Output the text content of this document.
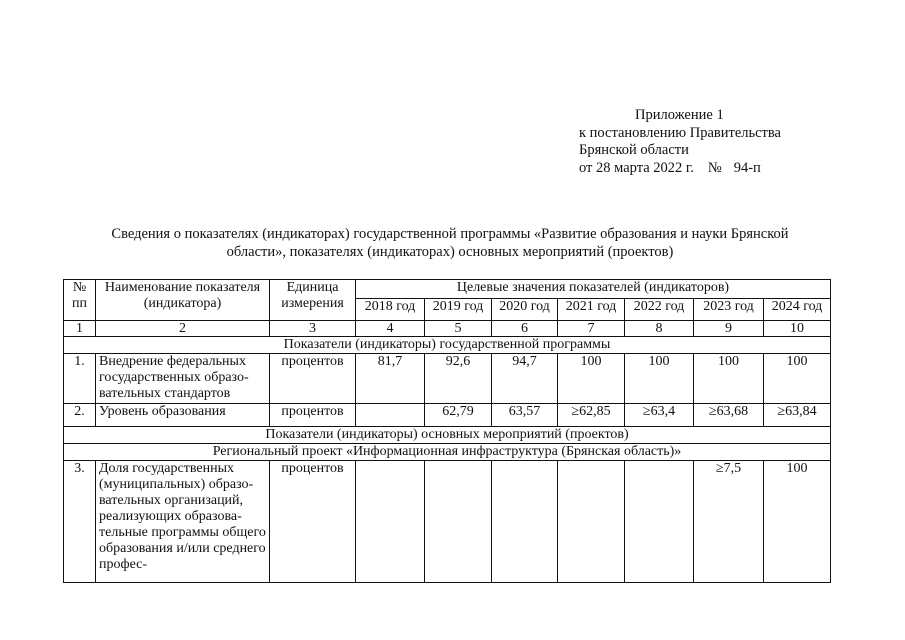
Приложение 1
к постановлению Правительства
Брянской области
от 28 марта 2022 г. № 94-п
Сведения о показателях (индикаторах) государственной программы «Развитие образования и науки Брянской
области», показателях (индикаторах) основных мероприятий (проектов)
№ пп	Наименование показателя (индикатора)	Единица измерения	Целевые значения показателей (индикаторов)						
			2018 год	2019 год	2020 год	2021 год	2022 год	2023 год	2024 год
1	2	3	4	5	6	7	8	9	10
Показатели (индикаторы) государственной программы									
1.	Внедрение федеральных государственных образо-вательных стандартов	процентов	81,7	92,6	94,7	100	100	100	100
2.	Уровень образования	процентов		62,79	63,57	≥62,85	≥63,4	≥63,68	≥63,84
Показатели (индикаторы) основных мероприятий (проектов)									
Региональный проект «Информационная инфраструктура (Брянская область)»									
3.	Доля государственных (муниципальных) образо-вательных организаций, реализующих образова-тельные программы общего образования и/или среднего профес-	процентов						≥7,5	100
